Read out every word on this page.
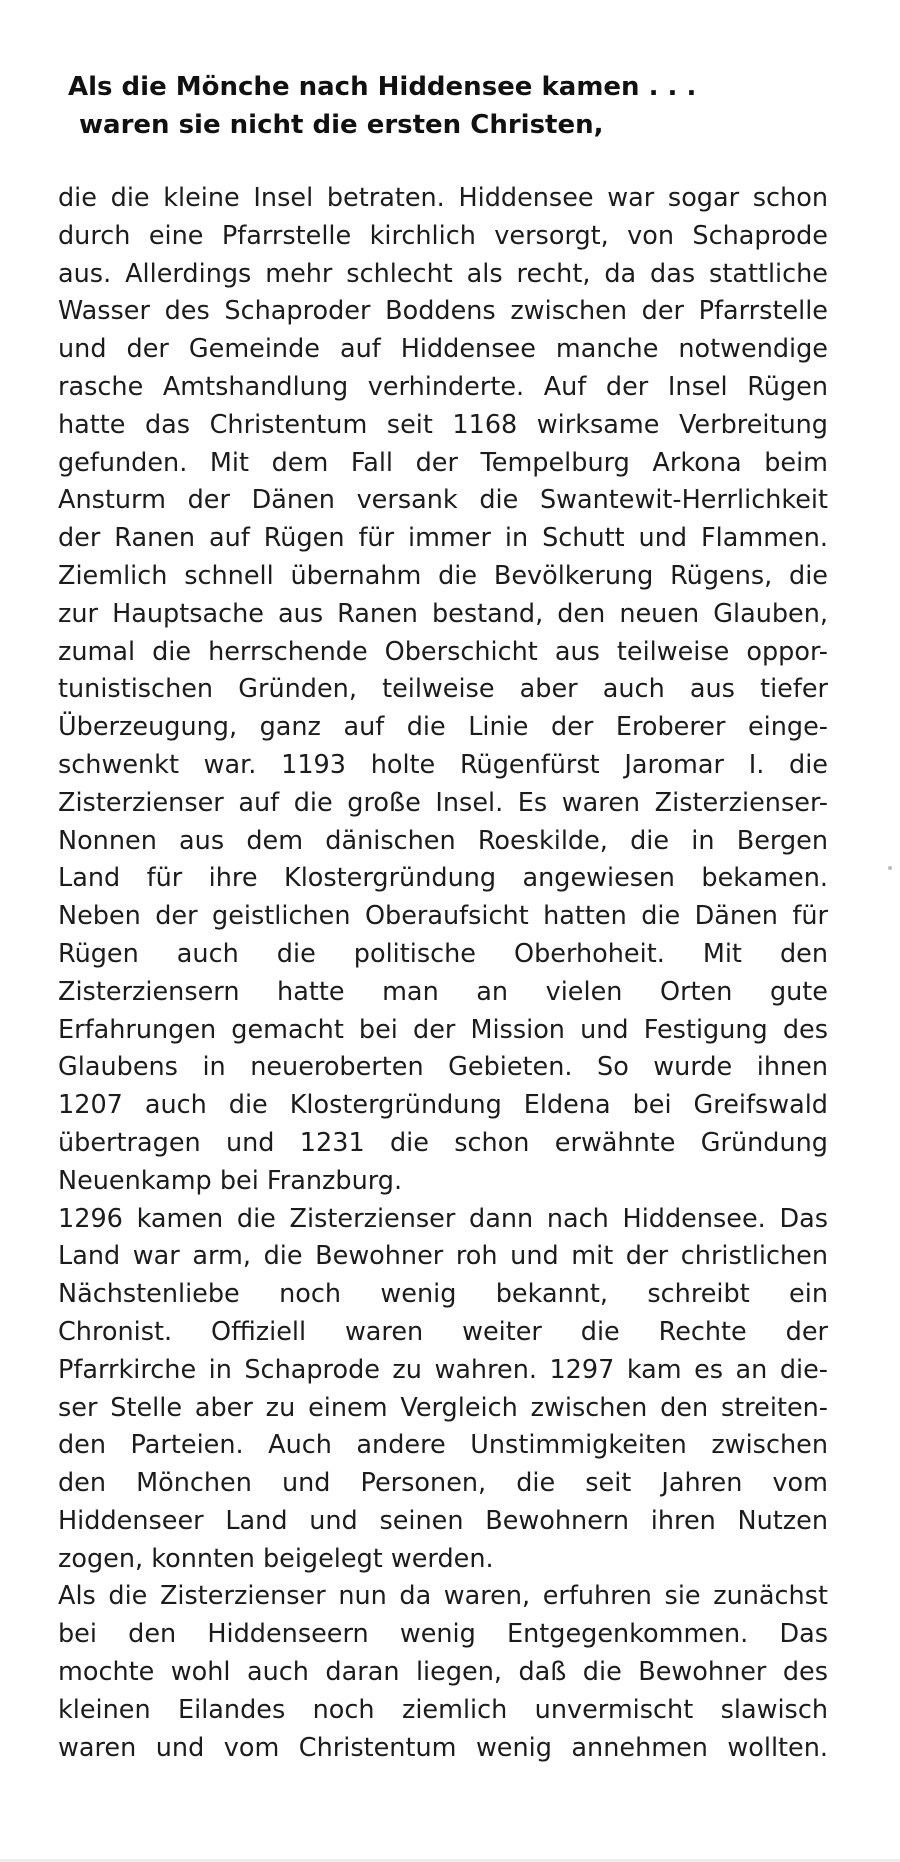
Als die Mönche nach Hiddensee kamen . . .
waren sie nicht die ersten Christen,
die die kleine Insel betraten. Hiddensee war sogar schon
durch eine Pfarrstelle kirchlich versorgt, von Schaprode
aus. Allerdings mehr schlecht als recht, da das stattliche
Wasser des Schaproder Boddens zwischen der Pfarrstelle
und der Gemeinde auf Hiddensee manche notwendige
rasche Amtshandlung verhinderte. Auf der Insel Rügen
hatte das Christentum seit 1168 wirksame Verbreitung
gefunden. Mit dem Fall der Tempelburg Arkona beim
Ansturm der Dänen versank die Swantewit-Herrlichkeit
der Ranen auf Rügen für immer in Schutt und Flammen.
Ziemlich schnell übernahm die Bevölkerung Rügens, die
zur Hauptsache aus Ranen bestand, den neuen Glauben,
zumal die herrschende Oberschicht aus teilweise oppor-
tunistischen Gründen, teilweise aber auch aus tiefer
Überzeugung, ganz auf die Linie der Eroberer einge-
schwenkt war. 1193 holte Rügenfürst Jaromar I. die
Zisterzienser auf die große Insel. Es waren Zisterzienser-
Nonnen aus dem dänischen Roeskilde, die in Bergen
Land für ihre Klostergründung angewiesen bekamen.
Neben der geistlichen Oberaufsicht hatten die Dänen für
Rügen auch die politische Oberhoheit. Mit den
Zisterziensern hatte man an vielen Orten gute
Erfahrungen gemacht bei der Mission und Festigung des
Glaubens in neueroberten Gebieten. So wurde ihnen
1207 auch die Klostergründung Eldena bei Greifswald
übertragen und 1231 die schon erwähnte Gründung
Neuenkamp bei Franzburg.
1296 kamen die Zisterzienser dann nach Hiddensee. Das
Land war arm, die Bewohner roh und mit der christlichen
Nächstenliebe noch wenig bekannt, schreibt ein
Chronist. Offiziell waren weiter die Rechte der
Pfarrkirche in Schaprode zu wahren. 1297 kam es an die-
ser Stelle aber zu einem Vergleich zwischen den streiten-
den Parteien. Auch andere Unstimmigkeiten zwischen
den Mönchen und Personen, die seit Jahren vom
Hiddenseer Land und seinen Bewohnern ihren Nutzen
zogen, konnten beigelegt werden.
Als die Zisterzienser nun da waren, erfuhren sie zunächst
bei den Hiddenseern wenig Entgegenkommen. Das
mochte wohl auch daran liegen, daß die Bewohner des
kleinen Eilandes noch ziemlich unvermischt slawisch
waren und vom Christentum wenig annehmen wollten.
